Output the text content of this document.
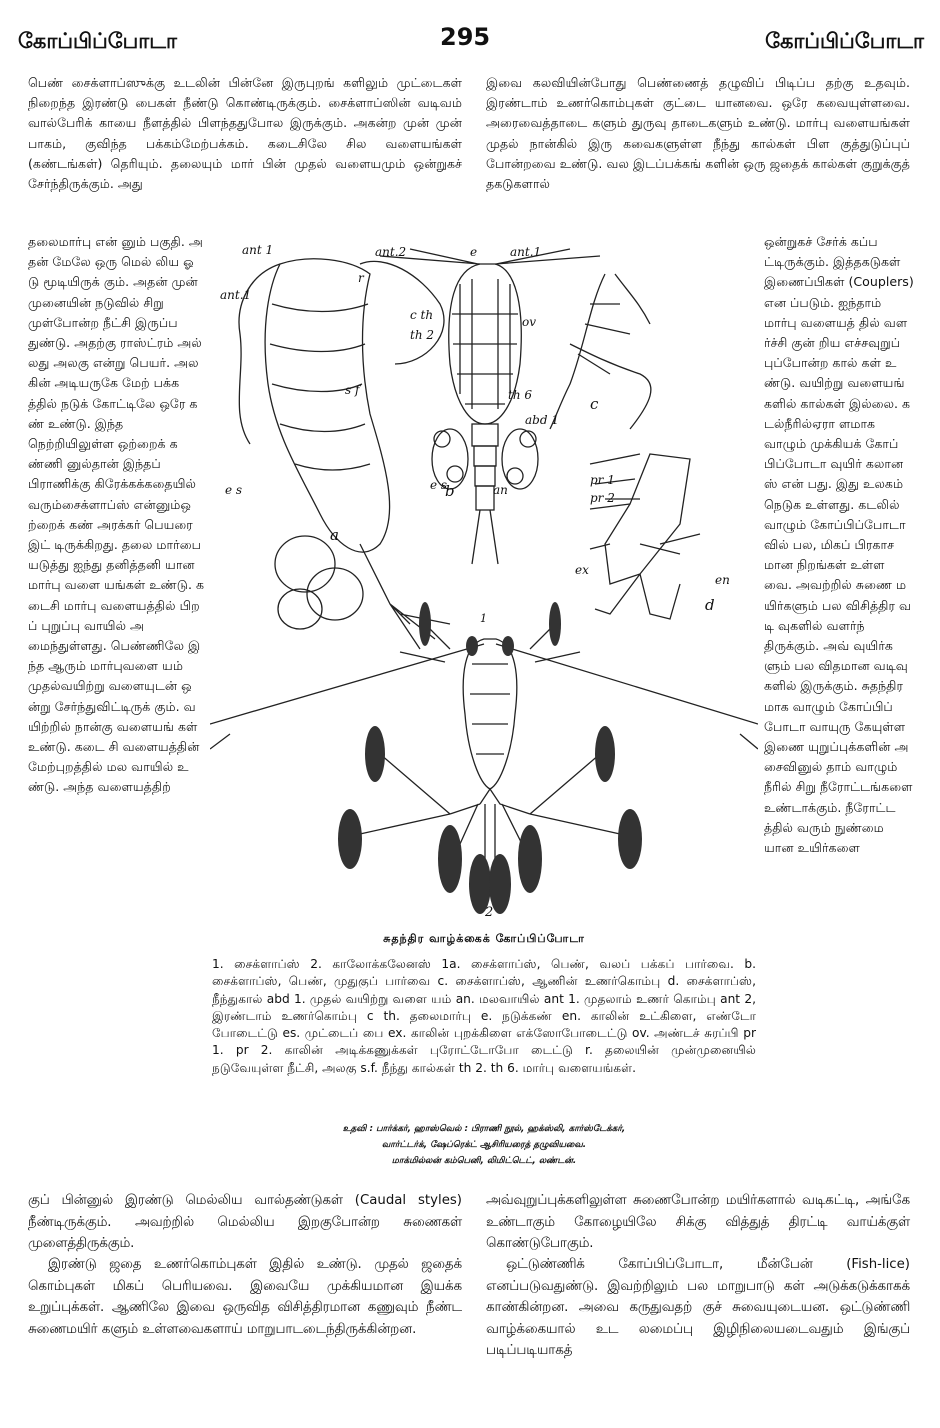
கோப்பிப்போடா	295	கோப்பிப்போடா

பெண் சைக்ளாப்ஸுக்கு உடலின் பின்னே இருபுறங் களிலும் முட்டைகள் நிறைந்த இரண்டு பைகள் நீண்டு கொண்டிருக்கும். சைக்ளாப்ஸின் வடிவம் வால்பேரிக் காயை நீளத்தில் பிளந்ததுபோல இருக்கும். அகன்ற முன் முன் பாகம், குவிந்த பக்கம்மேற்பக்கம். கடைசிலே சில வளையங்கள் (கண்டங்கள்) தெரியும். தலையும் மார் பின் முதல் வளையமும் ஒன்றுகச் சேர்ந்திருக்கும். அது

தலைமார்பு என் னும் பகுதி. அதன் மேலே ஒரு மெல் லிய ஓடு மூடியிருக் கும். அதன் முன் முனையின் நடுவில் சிறு முள்போன்ற நீட்சி இருப்ப துண்டு. அதற்கு ராஸ்ட்ரம் அல் லது அலகு என்று பெயர். அலகின் அடியருகே மேற் பக்கத்தில் நடுக் கோட்டிலே ஒரே கண் உண்டு. இந்த நெற்றியிலுள்ள ஒற்றைக் கண்ணி னுல்தான் இந்தப் பிராணிக்கு கிரேக்கக்கதையில் வரும்சைக்ளாப்ஸ் என்னும்ஒற்றைக் கண் அரக்கர் பெயரை இட் டிருக்கிறது. தலை மார்பை யடுத்து ஐந்து தனித்தனி யான மார்பு வளை யங்கள் உண்டு. கடைசி மார்பு வளையத்தில் பிறப் புறுப்பு வாயில் அமைந்துள்ளது. பெண்ணிலே இந்த ஆரும் மார்புவளை யம் முதல்வயிற்று வளையுடன் ஒன்று சேர்ந்துவிட்டிருக் கும். வயிற்றில் நான்கு வளையங் கள் உண்டு. கடை சி வளையத்தின் மேற்புறத்தில் மல வாயில் உண்டு. அந்த வளையத்திற்

இவை கலவியின்போது பெண்ணைத் தழுவிப் பிடிப்ப தற்கு உதவும். இரண்டாம் உணர்கொம்புகள் குட்டை யானவை. ஒரே கவையுள்ளவை. அரைவைத்தாடை களும் துருவு தாடைகளும் உண்டு. மார்பு வளையங்கள் முதல் நான்கில் இரு கவைகளுள்ள நீந்து கால்கள் பிள குத்துடுப்புப் போன்றவை உண்டு. வல இடப்பக்கங் களின் ஒரு ஜதைக் கால்கள் குறுக்குத் தகடுகளால்

ஒன்றுகச் சேர்க் கப்பட்டிருக்கும். இத்தகடுகள் இணைப்பிகள் (Couplers) என ப்படும். ஐந்தாம் மார்பு வளையத் தில் வளர்ச்சி குன் றிய எச்சவுறுப் புப்போன்ற கால் கள் உண்டு. வயிற்று வளையங் களில் கால்கள் இல்லை. கடல்நீரில்ஏரா ளமாக வாழும் முக்கியக் கோப் பிப்போடா வுயிர் கலானஸ் என் பது. இது உலகம் நெடுக உள்ளது. கடலில் வாழும் கோப்பிப்போடா வில் பல, மிகப் பிரகாசமான நிறங்கள் உள்ள வை. அவற்றில் சுணை மயிர்களும் பல விசித்திர வடி வுகளில் வளர்ந் திருக்கும். அவ் வுயிர்களும் பல விதமான வடிவு களில் இருக்கும். சுதந்திரமாக வாழும் கோப்பிப் போடா வாயுரு கேயுள்ள இணை யுறுப்புக்களின் அசைவினுல் தாம் வாழும் நீரில் சிறு நீரோட்டங்களை உண்டாக்கும். நீரோட்டத்தில் வரும் நுண்மை யான உயிர்களை

ant.1
ant.2
r
e	ant.1
c th
th 2
ov
th 6
abd 1
e s	an
s f
e s
ant 1
pr 1
pr 2
ex
en
a
b
c
d
1
2
சுதந்திர வாழ்க்கைக் கோப்பிப்போடா

1. சைக்ளாப்ஸ் 2. காலோக்கலேனஸ் 1a. சைக்ளாப்ஸ், பெண், வலப் பக்கப் பார்வை. b. சைக்ளாப்ஸ், பெண், முதுகுப் பார்வை c. சைக்ளாப்ஸ், ஆணின் உணர்கொம்பு d. சைக்ளாப்ஸ், நீந்துகால் abd 1. முதல் வயிற்று வளை யம் an. மலவாயில் ant 1. முதலாம் உணர் கொம்பு ant 2, இரண்டாம் உணர்கொம்பு c th. தலைமார்பு e. நடுக்கண் en. காலின் உட்கிளை, எண்டோ போடைட்டு es. முட்டைப் பை ex. காலின் புறக்கிளை எக்ஸோபோடைட்டு ov. அண்டச் சுரப்பி pr 1. pr 2. காலின் அடிக்கணுக்கள் புரோட்டோபோ டைட்டு r. தலையின் முன்முனையில் நடுவேயுள்ள நீட்சி, அலகு s.f. நீந்து கால்கள் th 2. th 6. மார்பு வளையங்கள்.

உதவி : பார்க்கர், ஹாஸ்வெல் : பிராணி நூல், ஹக்ஸ்லி, கார்ஸ்டேக்கர்,

வார்ட்டர்க், ஷேப்ரெக்ட் ஆசிரியரைத் தழுவியவை.

மாக்மில்லன் கம்பெனி, லிமிட்டெட், லண்டன்.

குப் பின்னுல் இரண்டு மெல்லிய வால்தண்டுகள் (Caudal styles) நீண்டிருக்கும். அவற்றில் மெல்லிய இறகுபோன்ற சுணைகள் முளைத்திருக்கும்.

இரண்டு ஜதை உணர்கொம்புகள் இதில் உண்டு. முதல் ஜதைக் கொம்புகள் மிகப் பெரியவை. இவையே முக்கியமான இயக்க உறுப்புக்கள். ஆணிலே இவை ஒருவித விசித்திரமான கணுவும் நீண்ட சுணைமயிர் களும் உள்ளவைகளாய் மாறுபாடடைந்திருக்கின்றன.

அவ்வுறுப்புக்களிலுள்ள சுணைபோன்ற மயிர்களால் வடிகட்டி, அங்கே உண்டாகும் கோழையிலே சிக்கு வித்துத் திரட்டி வாய்க்குள் கொண்டுபோகும்.

ஒட்டுண்ணிக் கோப்பிப்போடா, மீன்பேன் (Fish-lice) எனப்படுவதுண்டு. இவற்றிலும் பல மாறுபாடு கள் அடுக்கடுக்காகக் காண்கின்றன. அவை கருதுவதற் குச் சுவையுடையன. ஒட்டுண்ணி வாழ்க்கையால் உட லமைப்பு இழிநிலையடைவதும் இங்குப் படிப்படியாகத்
